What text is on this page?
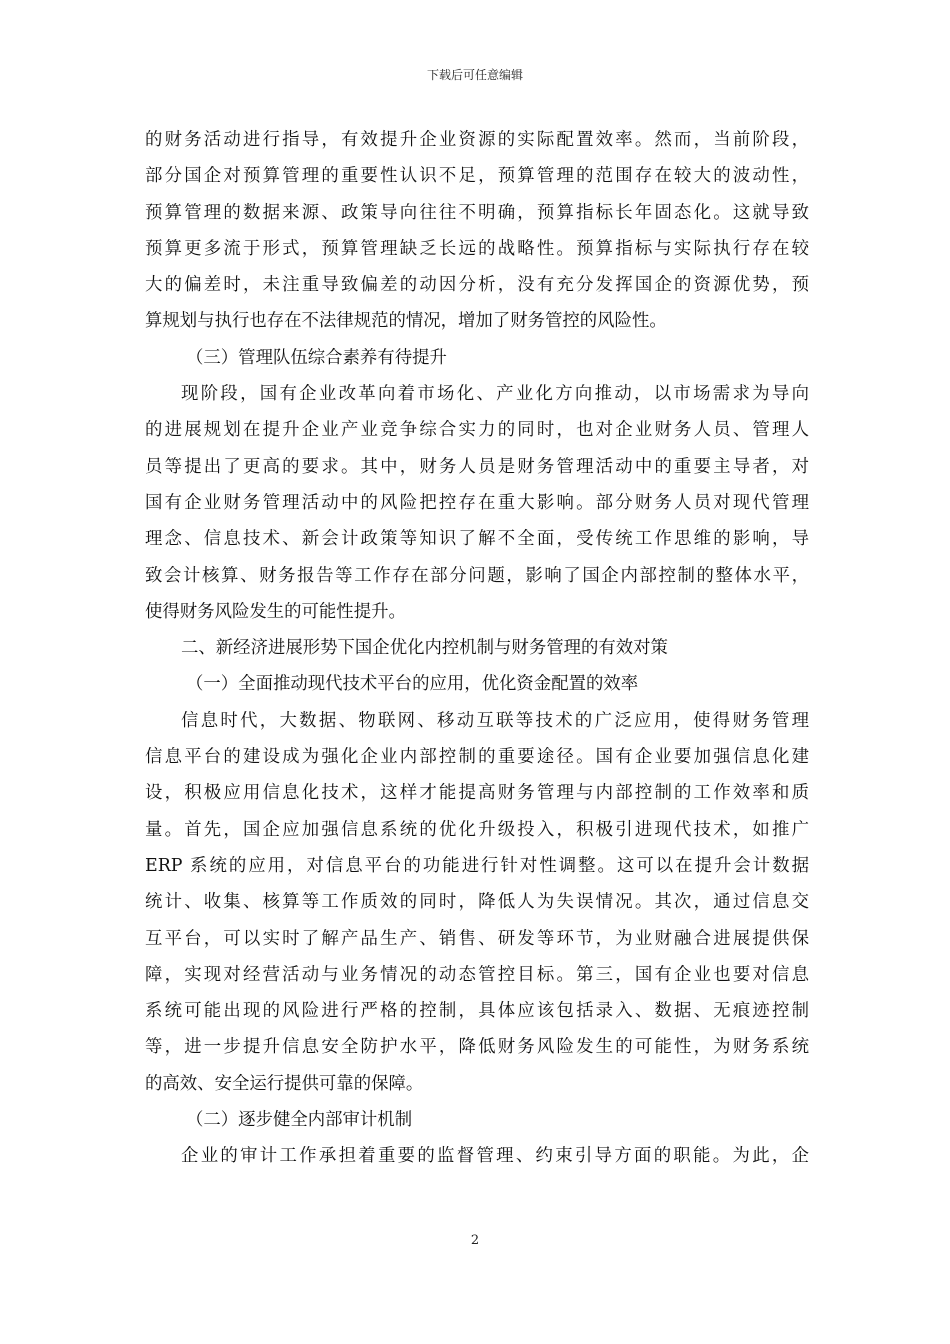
下载后可任意编辑
的财务活动进行指导，有效提升企业资源的实际配置效率。然而，当前阶段，
部分国企对预算管理的重要性认识不足，预算管理的范围存在较大的波动性，
预算管理的数据来源、政策导向往往不明确，预算指标长年固态化。这就导致
预算更多流于形式，预算管理缺乏长远的战略性。预算指标与实际执行存在较
大的偏差时，未注重导致偏差的动因分析，没有充分发挥国企的资源优势，预
算规划与执行也存在不法律规范的情况，增加了财务管控的风险性。
（三）管理队伍综合素养有待提升
现阶段，国有企业改革向着市场化、产业化方向推动，以市场需求为导向
的进展规划在提升企业产业竞争综合实力的同时，也对企业财务人员、管理人
员等提出了更高的要求。其中，财务人员是财务管理活动中的重要主导者，对
国有企业财务管理活动中的风险把控存在重大影响。部分财务人员对现代管理
理念、信息技术、新会计政策等知识了解不全面，受传统工作思维的影响，导
致会计核算、财务报告等工作存在部分问题，影响了国企内部控制的整体水平，
使得财务风险发生的可能性提升。
二、新经济进展形势下国企优化内控机制与财务管理的有效对策
（一）全面推动现代技术平台的应用，优化资金配置的效率
信息时代，大数据、物联网、移动互联等技术的广泛应用，使得财务管理
信息平台的建设成为强化企业内部控制的重要途径。国有企业要加强信息化建
设，积极应用信息化技术，这样才能提高财务管理与内部控制的工作效率和质
量。首先，国企应加强信息系统的优化升级投入，积极引进现代技术，如推广
ERP 系统的应用，对信息平台的功能进行针对性调整。这可以在提升会计数据
统计、收集、核算等工作质效的同时，降低人为失误情况。其次，通过信息交
互平台，可以实时了解产品生产、销售、研发等环节，为业财融合进展提供保
障，实现对经营活动与业务情况的动态管控目标。第三，国有企业也要对信息
系统可能出现的风险进行严格的控制，具体应该包括录入、数据、无痕迹控制
等，进一步提升信息安全防护水平，降低财务风险发生的可能性，为财务系统
的高效、安全运行提供可靠的保障。
（二）逐步健全内部审计机制
企业的审计工作承担着重要的监督管理、约束引导方面的职能。为此，企
2
